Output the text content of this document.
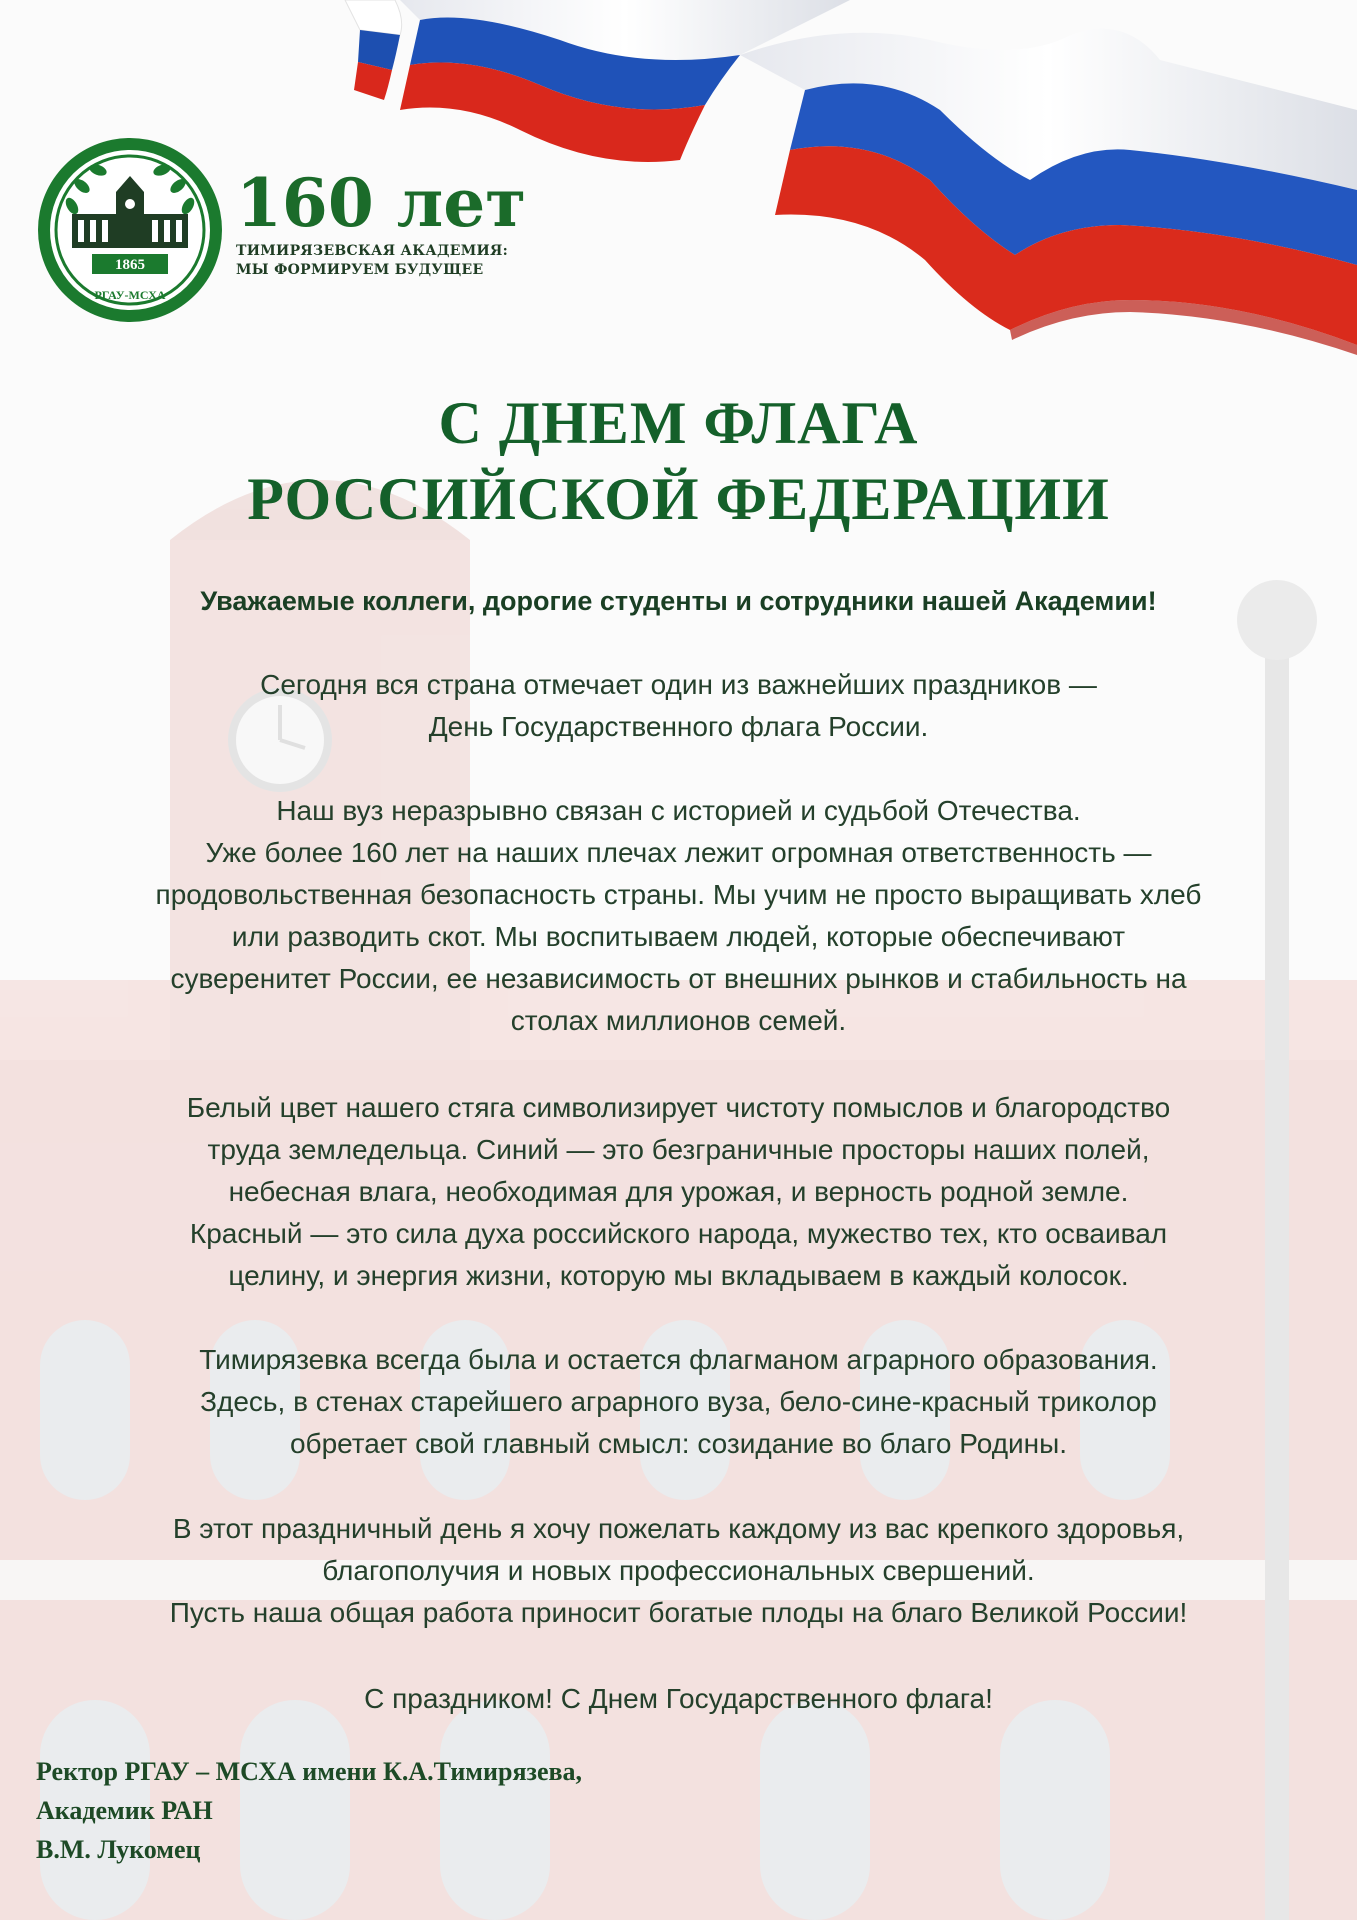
1865
РГАУ-МСХА
160 лет
ТИМИРЯЗЕВСКАЯ АКАДЕМИЯ:
МЫ ФОРМИРУЕМ БУДУЩЕЕ
С ДНЕМ ФЛАГА
РОССИЙСКОЙ ФЕДЕРАЦИИ
Уважаемые коллеги, дорогие студенты и сотрудники нашей Академии!
Сегодня вся страна отмечает один из важнейших праздников —
День Государственного флага России.
Наш вуз неразрывно связан с историей и судьбой Отечества.
Уже более 160 лет на наших плечах лежит огромная ответственность —
продовольственная безопасность страны. Мы учим не просто выращивать хлеб
или разводить скот. Мы воспитываем людей, которые обеспечивают
суверенитет России, ее независимость от внешних рынков и стабильность на
столах миллионов семей.
Белый цвет нашего стяга символизирует чистоту помыслов и благородство
труда земледельца. Синий — это безграничные просторы наших полей,
небесная влага, необходимая для урожая, и верность родной земле.
Красный — это сила духа российского народа, мужество тех, кто осваивал
целину, и энергия жизни, которую мы вкладываем в каждый колосок.
Тимирязевка всегда была и остается флагманом аграрного образования.
Здесь, в стенах старейшего аграрного вуза, бело-сине-красный триколор
обретает свой главный смысл: созидание во благо Родины.
В этот праздничный день я хочу пожелать каждому из вас крепкого здоровья,
благополучия и новых профессиональных свершений.
Пусть наша общая работа приносит богатые плоды на благо Великой России!
С праздником! С Днем Государственного флага!
Ректор РГАУ – МСХА имени К.А.Тимирязева,
Академик РАН
В.М. Лукомец
